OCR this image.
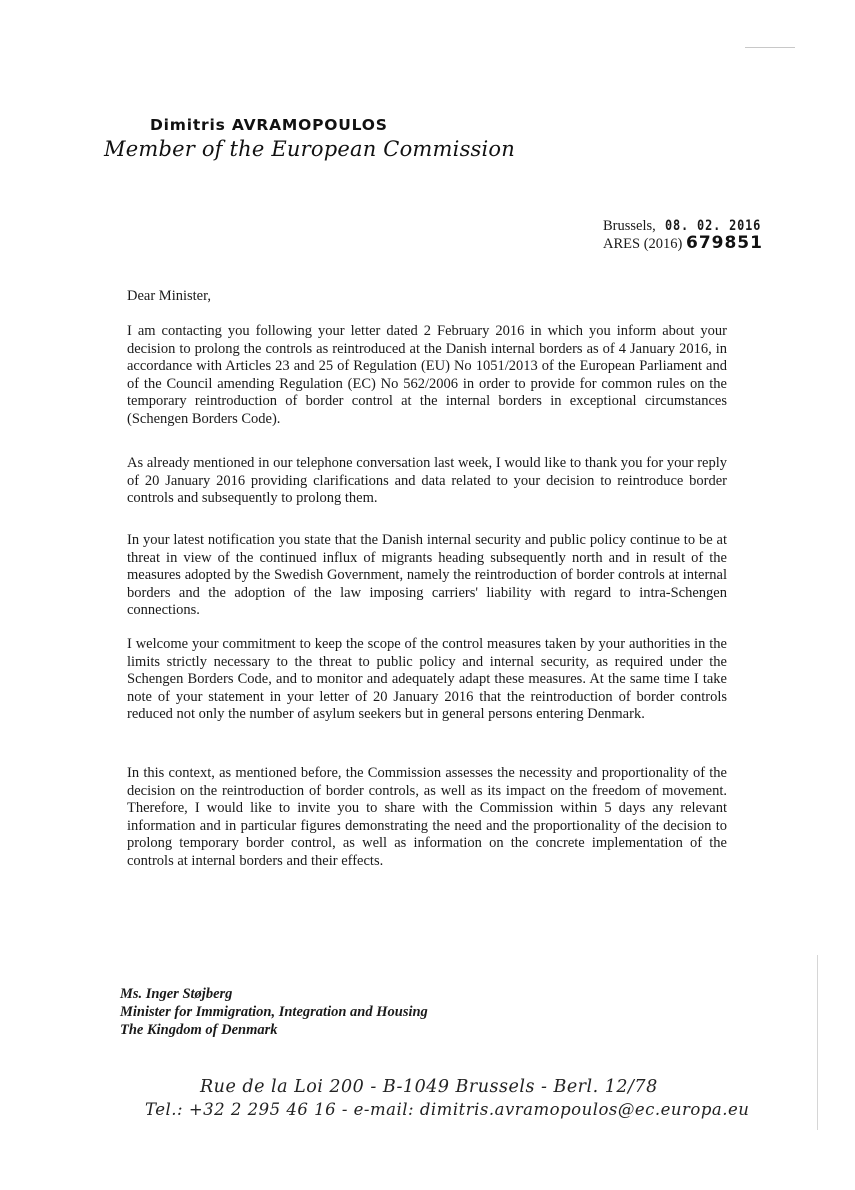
Dimitris AVRAMOPOULOS
Member of the European Commission
Brussels, 08. 02. 2016
ARES (2016) 679851
Dear Minister,
I am contacting you following your letter dated 2 February 2016 in which you inform about your decision to prolong the controls as reintroduced at the Danish internal borders as of 4 January 2016, in accordance with Articles 23 and 25 of Regulation (EU) No 1051/2013 of the European Parliament and of the Council amending Regulation (EC) No 562/2006 in order to provide for common rules on the temporary reintroduction of border control at the internal borders in exceptional circumstances (Schengen Borders Code).
As already mentioned in our telephone conversation last week, I would like to thank you for your reply of 20 January 2016 providing clarifications and data related to your decision to reintroduce border controls and subsequently to prolong them.
In your latest notification you state that the Danish internal security and public policy continue to be at threat in view of the continued influx of migrants heading subsequently north and in result of the measures adopted by the Swedish Government, namely the reintroduction of border controls at internal borders and the adoption of the law imposing carriers' liability with regard to intra-Schengen connections.
I welcome your commitment to keep the scope of the control measures taken by your authorities in the limits strictly necessary to the threat to public policy and internal security, as required under the Schengen Borders Code, and to monitor and adequately adapt these measures. At the same time I take note of your statement in your letter of 20 January 2016 that the reintroduction of border controls reduced not only the number of asylum seekers but in general persons entering Denmark.
In this context, as mentioned before, the Commission assesses the necessity and proportionality of the decision on the reintroduction of border controls, as well as its impact on the freedom of movement. Therefore, I would like to invite you to share with the Commission within 5 days any relevant information and in particular figures demonstrating the need and the proportionality of the decision to prolong temporary border control, as well as information on the concrete implementation of the controls at internal borders and their effects.
Ms. Inger Støjberg
Minister for Immigration, Integration and Housing
The Kingdom of Denmark
Rue de la Loi 200 - B-1049 Brussels - Berl. 12/78
Tel.: +32 2 295 46 16 - e-mail: dimitris.avramopoulos@ec.europa.eu
